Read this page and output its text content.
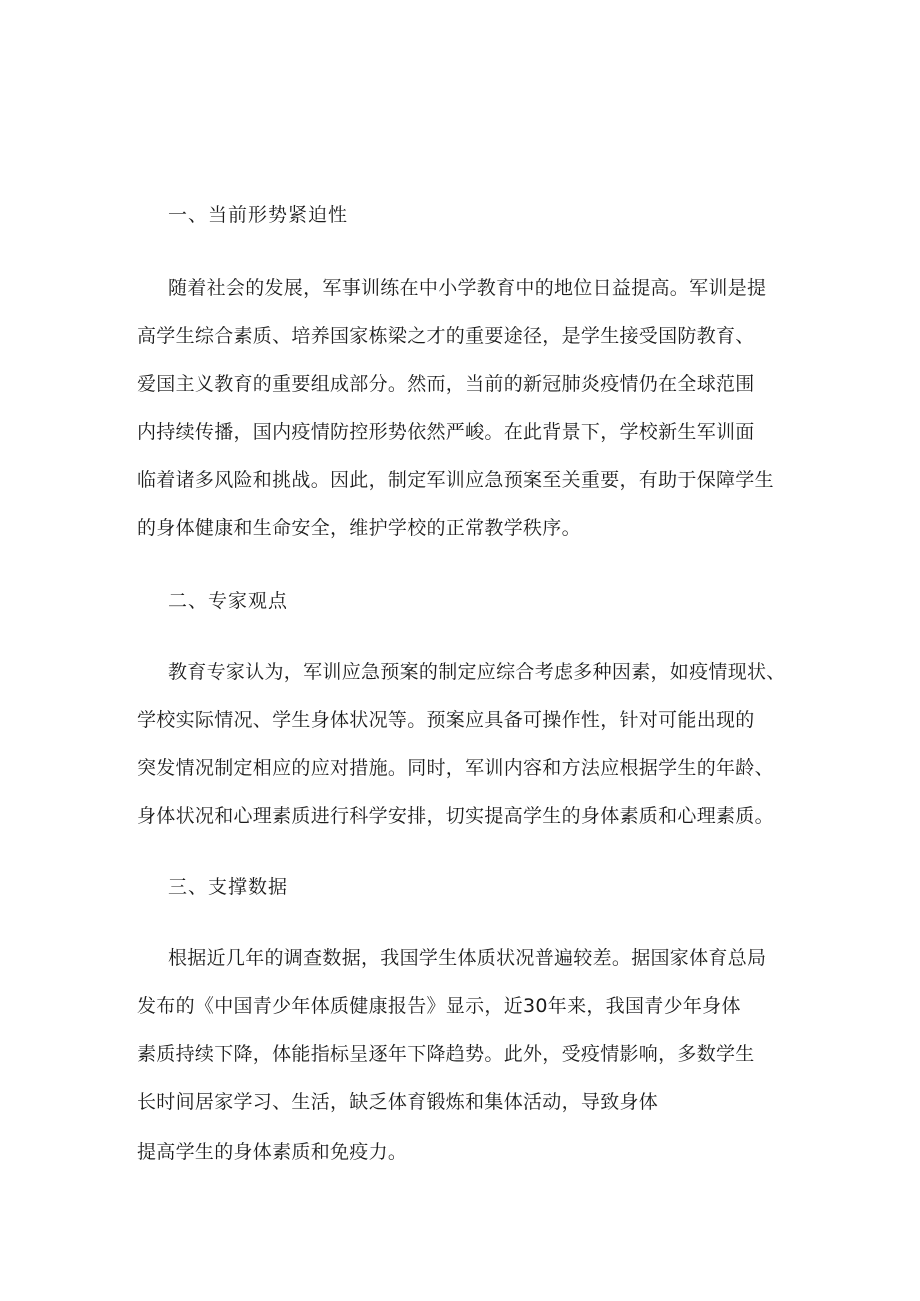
一、当前形势紧迫性
随着社会的发展，军事训练在中小学教育中的地位日益提高。军训是提
高学生综合素质、培养国家栋梁之才的重要途径，是学生接受国防教育、
爱国主义教育的重要组成部分。然而，当前的新冠肺炎疫情仍在全球范围
内持续传播，国内疫情防控形势依然严峻。在此背景下，学校新生军训面
临着诸多风险和挑战。因此，制定军训应急预案至关重要，有助于保障学生
的身体健康和生命安全，维护学校的正常教学秩序。
二、专家观点
教育专家认为，军训应急预案的制定应综合考虑多种因素，如疫情现状、
学校实际情况、学生身体状况等。预案应具备可操作性，针对可能出现的
突发情况制定相应的应对措施。同时，军训内容和方法应根据学生的年龄、
身体状况和心理素质进行科学安排，切实提高学生的身体素质和心理素质。
三、支撑数据
根据近几年的调查数据，我国学生体质状况普遍较差。据国家体育总局
发布的《中国青少年体质健康报告》显示，近30年来，我国青少年身体
素质持续下降，体能指标呈逐年下降趋势。此外，受疫情影响，多数学生
长时间居家学习、生活，缺乏体育锻炼和集体活动，导致身体
提高学生的身体素质和免疫力。
